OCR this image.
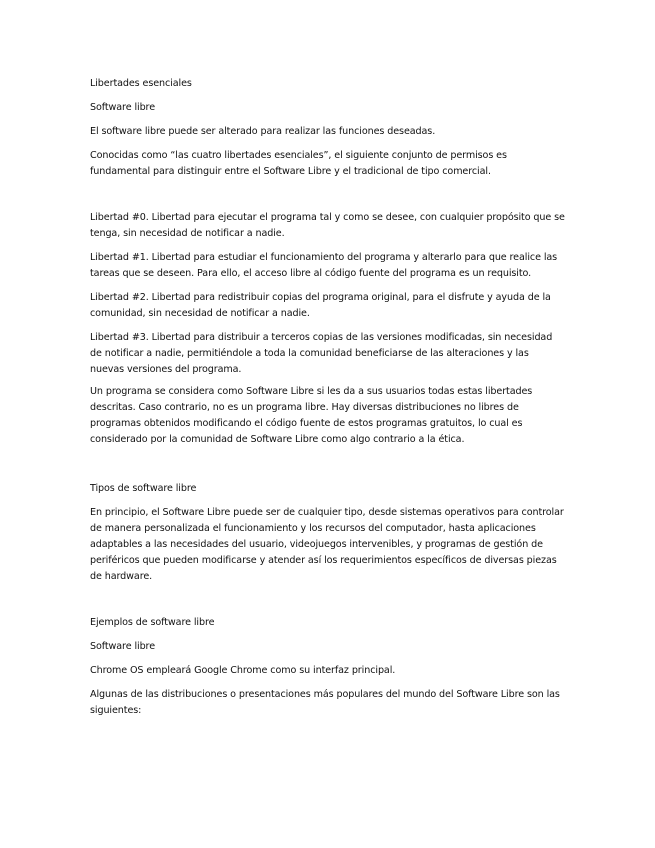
Libertades esenciales

Software libre

El software libre puede ser alterado para realizar las funciones deseadas.

Conocidas como “las cuatro libertades esenciales”, el siguiente conjunto de permisos es fundamental para distinguir entre el Software Libre y el tradicional de tipo comercial.

Libertad #0. Libertad para ejecutar el programa tal y como se desee, con cualquier propósito que se tenga, sin necesidad de notificar a nadie.

Libertad #1. Libertad para estudiar el funcionamiento del programa y alterarlo para que realice las tareas que se deseen. Para ello, el acceso libre al código fuente del programa es un requisito.

Libertad #2. Libertad para redistribuir copias del programa original, para el disfrute y ayuda de la comunidad, sin necesidad de notificar a nadie.

Libertad #3. Libertad para distribuir a terceros copias de las versiones modificadas, sin necesidad de notificar a nadie, permitiéndole a toda la comunidad beneficiarse de las alteraciones y las nuevas versiones del programa.

Un programa se considera como Software Libre si les da a sus usuarios todas estas libertades descritas. Caso contrario, no es un programa libre. Hay diversas distribuciones no libres de programas obtenidos modificando el código fuente de estos programas gratuitos, lo cual es considerado por la comunidad de Software Libre como algo contrario a la ética.

Tipos de software libre

En principio, el Software Libre puede ser de cualquier tipo, desde sistemas operativos para controlar de manera personalizada el funcionamiento y los recursos del computador, hasta aplicaciones adaptables a las necesidades del usuario, videojuegos intervenibles, y programas de gestión de periféricos que pueden modificarse y atender así los requerimientos específicos de diversas piezas de hardware.

Ejemplos de software libre

Software libre

Chrome OS empleará Google Chrome como su interfaz principal.

Algunas de las distribuciones o presentaciones más populares del mundo del Software Libre son las siguientes:
